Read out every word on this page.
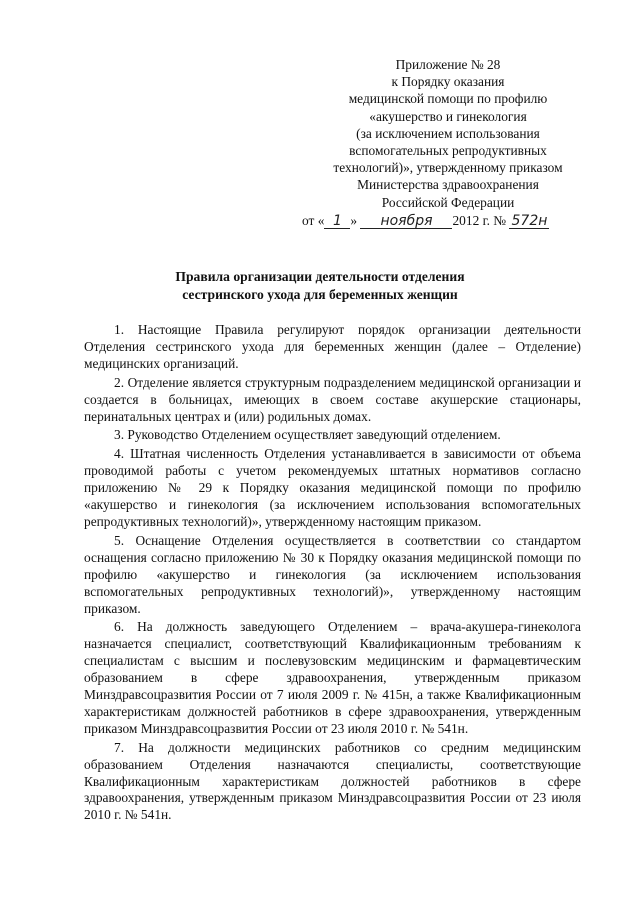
Приложение № 28
к Порядку оказания
медицинской помощи по профилю
«акушерство и гинекология
(за исключением использования
вспомогательных репродуктивных
технологий)», утвержденному приказом
Министерства здравоохранения
Российской Федерации
от « 1 » ноября 2012 г. № 572н
Правила организации деятельности отделения
сестринского ухода для беременных женщин

1. Настоящие Правила регулируют порядок организации деятельности Отделения сестринского ухода для беременных женщин (далее – Отделение) медицинских организаций.

2. Отделение является структурным подразделением медицинской организации и создается в больницах, имеющих в своем составе акушерские стационары, перинатальных центрах и (или) родильных домах.

3. Руководство Отделением осуществляет заведующий отделением.

4. Штатная численность Отделения устанавливается в зависимости от объема проводимой работы с учетом рекомендуемых штатных нормативов согласно приложению № 29 к Порядку оказания медицинской помощи по профилю «акушерство и гинекология (за исключением использования вспомогательных репродуктивных технологий)», утвержденному настоящим приказом.

5. Оснащение Отделения осуществляется в соответствии со стандартом оснащения согласно приложению № 30 к Порядку оказания медицинской помощи по профилю «акушерство и гинекология (за исключением использования вспомогательных репродуктивных технологий)», утвержденному настоящим приказом.

6. На должность заведующего Отделением – врача-акушера-гинеколога назначается специалист, соответствующий Квалификационным требованиям к специалистам с высшим и послевузовским медицинским и фармацевтическим образованием в сфере здравоохранения, утвержденным приказом Минздравсоцразвития России от 7 июля 2009 г. № 415н, а также Квалификационным характеристикам должностей работников в сфере здравоохранения, утвержденным приказом Минздравсоцразвития России от 23 июля 2010 г. № 541н.

7. На должности медицинских работников со средним медицинским образованием Отделения назначаются специалисты, соответствующие Квалификационным характеристикам должностей работников в сфере здравоохранения, утвержденным приказом Минздравсоцразвития России от 23 июля 2010 г. № 541н.
